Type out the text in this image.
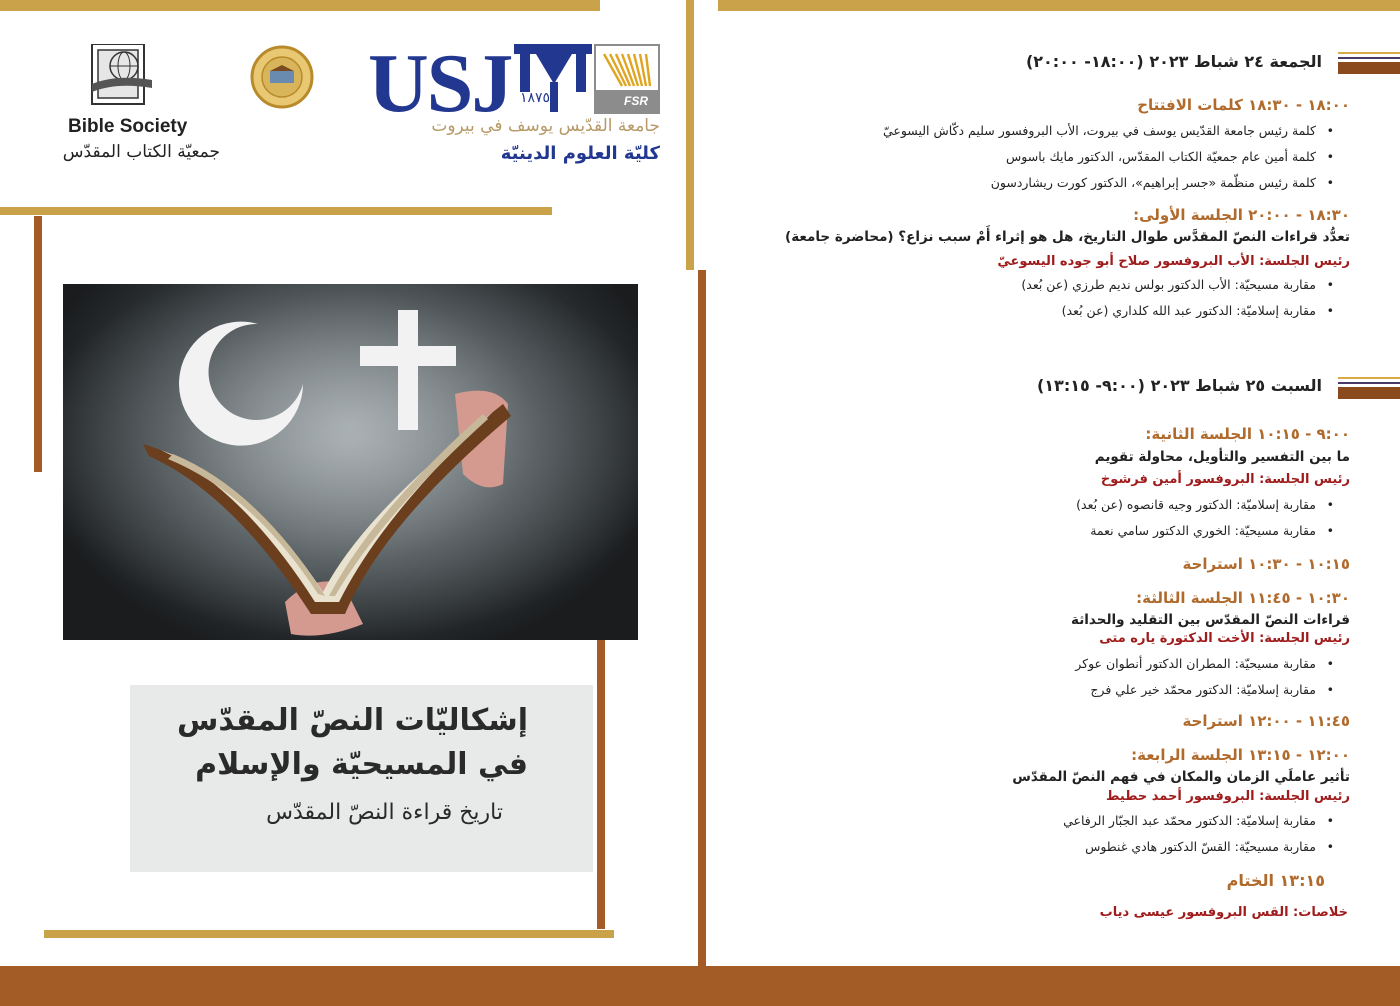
USJ ١٨٧٥	FSR
جامعة القدّيس يوسف في بيروت
كليّة العلوم الدينيّة
Bible Society
جمعيّة الكتاب المقدّس
إشكاليّات النصّ المقدّس
في المسيحيّة والإسلام
تاريخ قراءة النصّ المقدّس
الجمعة ٢٤ شباط ٢٠٢٣ (١٨:٠٠- ٢٠:٠٠)
١٨:٠٠ - ١٨:٣٠ كلمات الافتتاح
• كلمة رئيس جامعة القدّيس يوسف في بيروت، الأب البروفسور سليم دكّاش اليسوعيّ
• كلمة أمين عام جمعيّة الكتاب المقدّس، الدكتور مايك باسوس
• كلمة رئيس منظّمة «جسر إبراهيم»، الدكتور كورت ريشاردسون
١٨:٣٠ - ٢٠:٠٠ الجلسة الأولى:
تعدُّد قراءات النصّ المقدَّس طوال التاريخ، هل هو إثراء أَمْ سبب نزاع؟ (محاضرة جامعة)
رئيس الجلسة: الأب البروفسور صلاح أبو جوده اليسوعيّ
• مقاربة مسيحيّة: الأب الدكتور بولس نديم طرزي (عن بُعد)
• مقاربة إسلاميّة: الدكتور عبد الله كلداري (عن بُعد)
السبت ٢٥ شباط ٢٠٢٣ (٩:٠٠- ١٣:١٥)
٩:٠٠ - ١٠:١٥ الجلسة الثانية:
ما بين التفسير والتأويل، محاولة تقويم
رئيس الجلسة: البروفسور أمين فرشوخ
• مقاربة إسلاميّة: الدكتور وجيه قانصوه (عن بُعد)
• مقاربة مسيحيّة: الخوري الدكتور سامي نعمة
١٠:١٥ - ١٠:٣٠ استراحة
١٠:٣٠ - ١١:٤٥ الجلسة الثالثة:
قراءات النصّ المقدّس بين التقليد والحداثة
رئيس الجلسة: الأخت الدكتورة ياره متى
• مقاربة مسيحيّة: المطران الدكتور أنطوان عوكر
• مقاربة إسلاميّة: الدكتور محمّد خير علي فرج
١١:٤٥ - ١٢:٠٠ استراحة
١٢:٠٠ - ١٣:١٥ الجلسة الرابعة:
تأثير عاملَي الزمان والمكان في فهم النصّ المقدّس
رئيس الجلسة: البروفسور أحمد حطيط
• مقاربة إسلاميّة: الدكتور محمّد عبد الجبّار الرفاعي
• مقاربة مسيحيّة: القسّ الدكتور هادي غنطوس
١٣:١٥ الختام
خلاصات: القس البروفسور عيسى دياب
